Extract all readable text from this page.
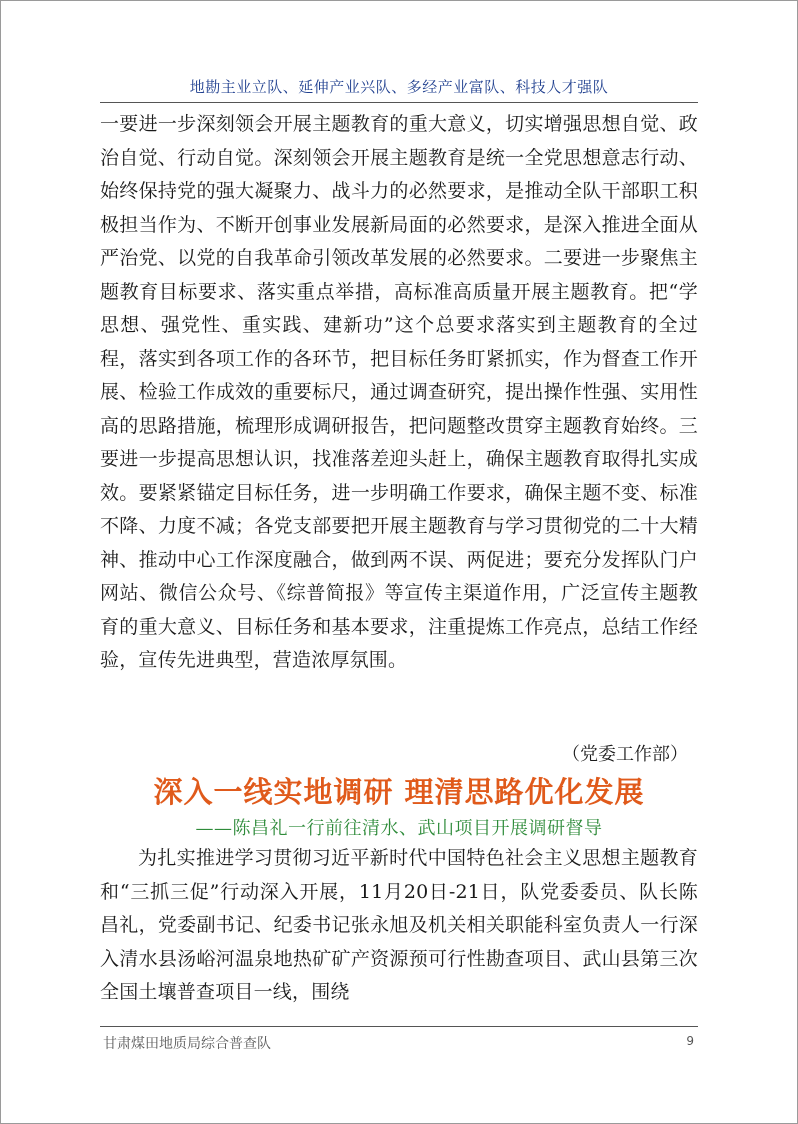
地勘主业立队、延伸产业兴队、多经产业富队、科技人才强队
一要进一步深刻领会开展主题教育的重大意义，切实增强思想自觉、政治自觉、行动自觉。深刻领会开展主题教育是统一全党思想意志行动、始终保持党的强大凝聚力、战斗力的必然要求，是推动全队干部职工积极担当作为、不断开创事业发展新局面的必然要求，是深入推进全面从严治党、以党的自我革命引领改革发展的必然要求。二要进一步聚焦主题教育目标要求、落实重点举措，高标准高质量开展主题教育。把“学思想、强党性、重实践、建新功”这个总要求落实到主题教育的全过程，落实到各项工作的各环节，把目标任务盯紧抓实，作为督查工作开展、检验工作成效的重要标尺，通过调查研究，提出操作性强、实用性高的思路措施，梳理形成调研报告，把问题整改贯穿主题教育始终。三要进一步提高思想认识，找准落差迎头赶上，确保主题教育取得扎实成效。要紧紧锚定目标任务，进一步明确工作要求，确保主题不变、标准不降、力度不减；各党支部要把开展主题教育与学习贯彻党的二十大精神、推动中心工作深度融合，做到两不误、两促进；要充分发挥队门户网站、微信公众号、《综普简报》等宣传主渠道作用，广泛宣传主题教育的重大意义、目标任务和基本要求，注重提炼工作亮点，总结工作经验，宣传先进典型，营造浓厚氛围。
（党委工作部）
深入一线实地调研 理清思路优化发展
——陈昌礼一行前往清水、武山项目开展调研督导
为扎实推进学习贯彻习近平新时代中国特色社会主义思想主题教育和“三抓三促”行动深入开展，11月20日-21日，队党委委员、队长陈昌礼，党委副书记、纪委书记张永旭及机关相关职能科室负责人一行深入清水县汤峪河温泉地热矿矿产资源预可行性勘查项目、武山县第三次全国土壤普查项目一线，围绕
甘肃煤田地质局综合普查队	9
